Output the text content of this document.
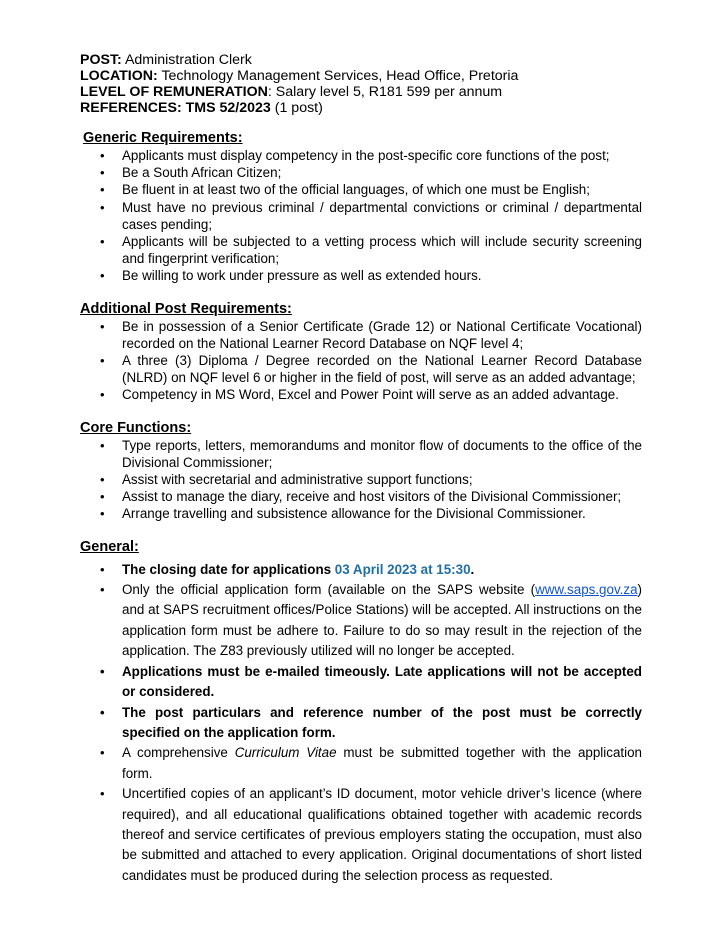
POST: Administration Clerk
LOCATION: Technology Management Services, Head Office, Pretoria
LEVEL OF REMUNERATION: Salary level 5, R181 599 per annum
REFERENCES: TMS 52/2023 (1 post)
Generic Requirements:
• Applicants must display competency in the post-specific core functions of the post;
• Be a South African Citizen;
• Be fluent in at least two of the official languages, of which one must be English;
• Must have no previous criminal / departmental convictions or criminal / departmental cases pending;
• Applicants will be subjected to a vetting process which will include security screening and fingerprint verification;
• Be willing to work under pressure as well as extended hours.
Additional Post Requirements:
• Be in possession of a Senior Certificate (Grade 12) or National Certificate Vocational) recorded on the National Learner Record Database on NQF level 4;
• A three (3) Diploma / Degree recorded on the National Learner Record Database (NLRD) on NQF level 6 or higher in the field of post, will serve as an added advantage;
• Competency in MS Word, Excel and Power Point will serve as an added advantage.
Core Functions:
• Type reports, letters, memorandums and monitor flow of documents to the office of the Divisional Commissioner;
• Assist with secretarial and administrative support functions;
• Assist to manage the diary, receive and host visitors of the Divisional Commissioner;
• Arrange travelling and subsistence allowance for the Divisional Commissioner.
General:
• The closing date for applications 03 April 2023 at 15:30.
• Only the official application form (available on the SAPS website (www.saps.gov.za) and at SAPS recruitment offices/Police Stations) will be accepted. All instructions on the application form must be adhere to. Failure to do so may result in the rejection of the application. The Z83 previously utilized will no longer be accepted.
• Applications must be e-mailed timeously. Late applications will not be accepted or considered.
• The post particulars and reference number of the post must be correctly specified on the application form.
• A comprehensive Curriculum Vitae must be submitted together with the application form.
• Uncertified copies of an applicant’s ID document, motor vehicle driver’s licence (where required), and all educational qualifications obtained together with academic records thereof and service certificates of previous employers stating the occupation, must also be submitted and attached to every application. Original documentations of short listed candidates must be produced during the selection process as requested.
